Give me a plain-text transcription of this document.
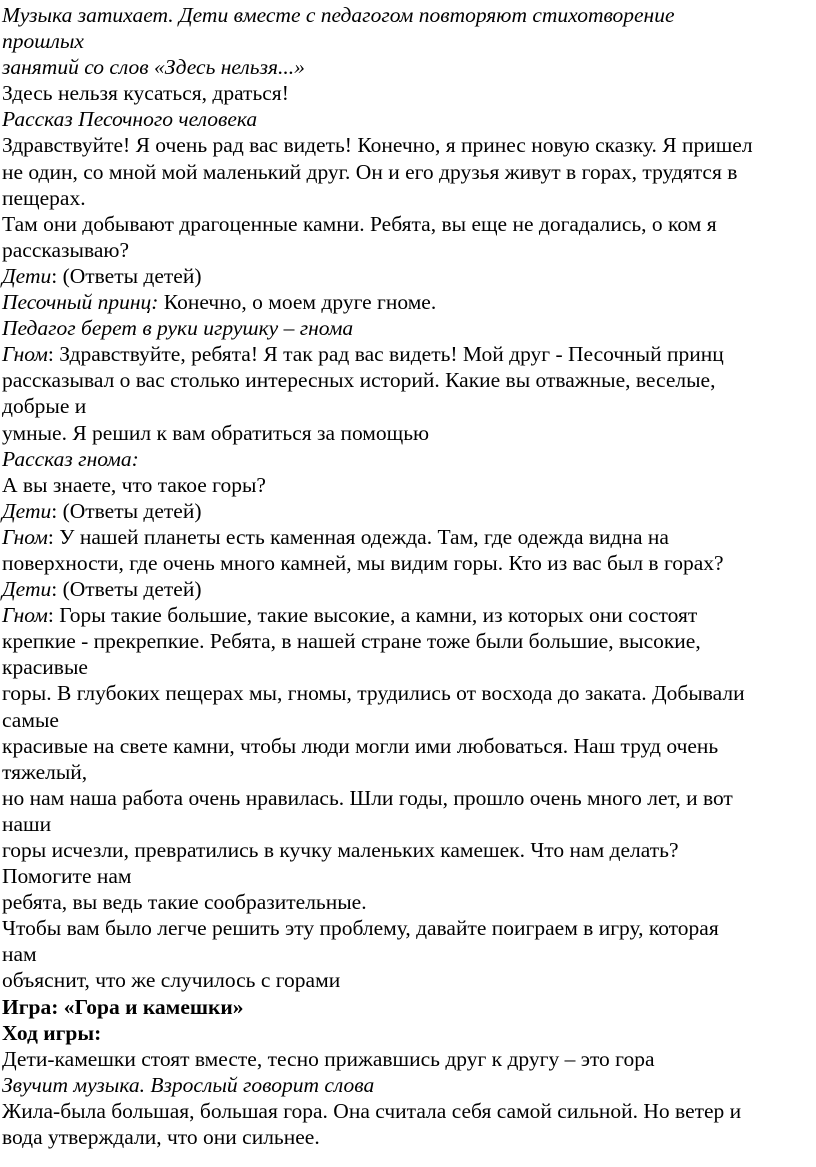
Музыка затихает. Дети вместе с педагогом повторяют стихотворение
прошлых
занятий со слов «Здесь нельзя...»
Здесь нельзя кусаться, драться!
Рассказ Песочного человека
Здравствуйте! Я очень рад вас видеть! Конечно, я принес новую сказку. Я пришел
не один, со мной мой маленький друг. Он и его друзья живут в горах, трудятся в
пещерах.
Там они добывают драгоценные камни. Ребята, вы еще не догадались, о ком я
рассказываю?
Дети: (Ответы детей)
Песочный принц: Конечно, о моем друге гноме.
Педагог берет в руки игрушку – гнома
Гном: Здравствуйте, ребята! Я так рад вас видеть! Мой друг - Песочный принц
рассказывал о вас столько интересных историй. Какие вы отважные, веселые,
добрые и
умные. Я решил к вам обратиться за помощью
Рассказ гнома:
А вы знаете, что такое горы?
Дети: (Ответы детей)
Гном: У нашей планеты есть каменная одежда. Там, где одежда видна на
поверхности, где очень много камней, мы видим горы. Кто из вас был в горах?
Дети: (Ответы детей)
Гном: Горы такие большие, такие высокие, а камни, из которых они состоят
крепкие - прекрепкие. Ребята, в нашей стране тоже были большие, высокие,
красивые
горы. В глубоких пещерах мы, гномы, трудились от восхода до заката. Добывали
самые
красивые на свете камни, чтобы люди могли ими любоваться. Наш труд очень
тяжелый,
но нам наша работа очень нравилась. Шли годы, прошло очень много лет, и вот
наши
горы исчезли, превратились в кучку маленьких камешек. Что нам делать?
Помогите нам
ребята, вы ведь такие сообразительные.
Чтобы вам было легче решить эту проблему, давайте поиграем в игру, которая
нам
объяснит, что же случилось с горами
Игра: «Гора и камешки»
Ход игры:
Дети-камешки стоят вместе, тесно прижавшись друг к другу – это гора
Звучит музыка. Взрослый говорит слова
Жила-была большая, большая гора. Она считала себя самой сильной. Но ветер и
вода утверждали, что они сильнее.
